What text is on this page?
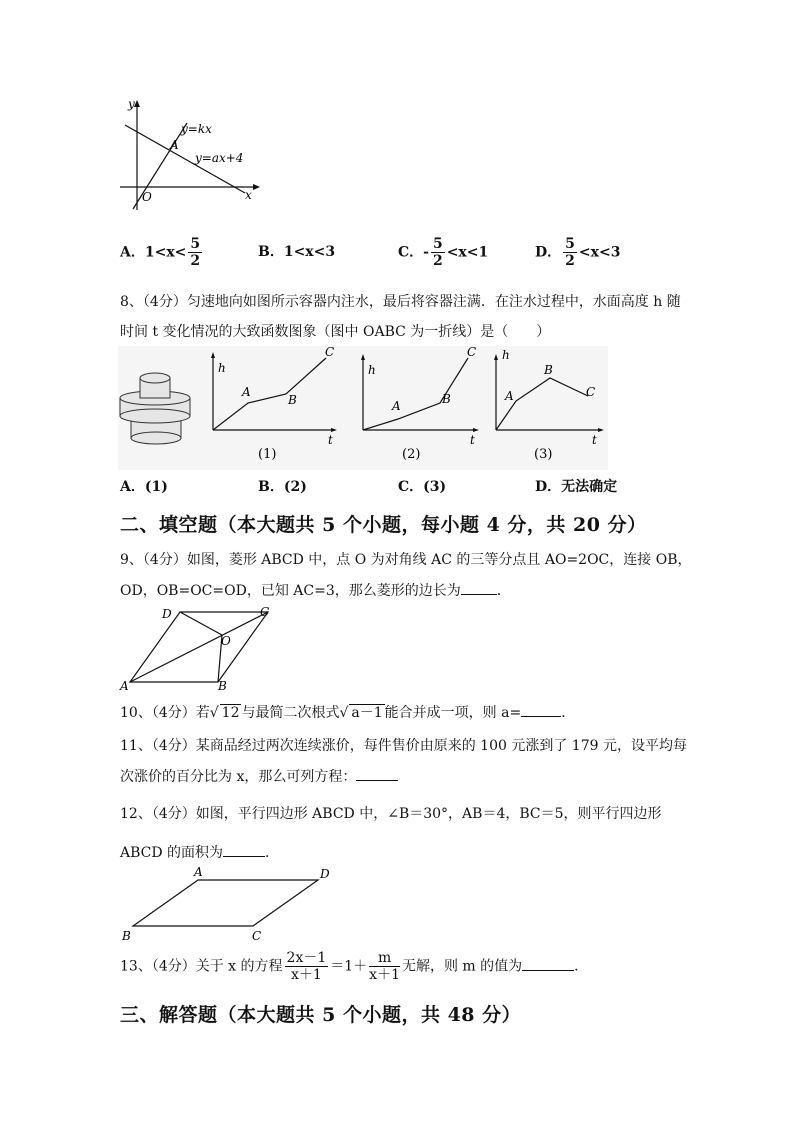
y
x
O
A
y=kx
y=ax+4
A．$1<x< \frac{5}{2}$	B．1<x<3	C．- $\frac{5}{2} <x<1$	D． $\frac{5}{2} <x<3$
8、（4分）匀速地向如图所示容器内注水，最后将容器注满．在注水过程中，水面高度 h 随
时间 t 变化情况的大致函数图象（图中 OABC 为一折线）是（　　）
h
t
A
B
C
h
t
A	B
C h
t
A
B
C
(1)	(2)	(3)
A．(1)	B．(2)	C．(3)	D．无法确定
二、填空题（本大题共 5 个小题，每小题 4 分，共 20 分）
9、（4分）如图，菱形 ABCD 中，点 O 为对角线 AC 的三等分点且 AO=2OC，连接 OB，
OD，OB=OC=OD，已知 AC=3，那么菱形的边长为	．
A	B
C
D
O
10、（4分）若√ 12 与最简二次根式√ a－1 能合并成一项，则 a=	．
11、（4分）某商品经过两次连续涨价，每件售价由原来的 100 元涨到了 179 元，设平均每
次涨价的百分比为 x，那么可列方程：
12、（4分）如图，平行四边形 ABCD 中，∠B＝30°，AB＝4，BC＝5，则平行四边形
ABCD 的面积为	．
A
B	C
D
13、（4分）关于 x 的方程 $\frac{2x-1}{x+1} =1+ \frac{m}{x+1}$ 无解，则 m 的值为	．
三、解答题（本大题共 5 个小题，共 48 分）
